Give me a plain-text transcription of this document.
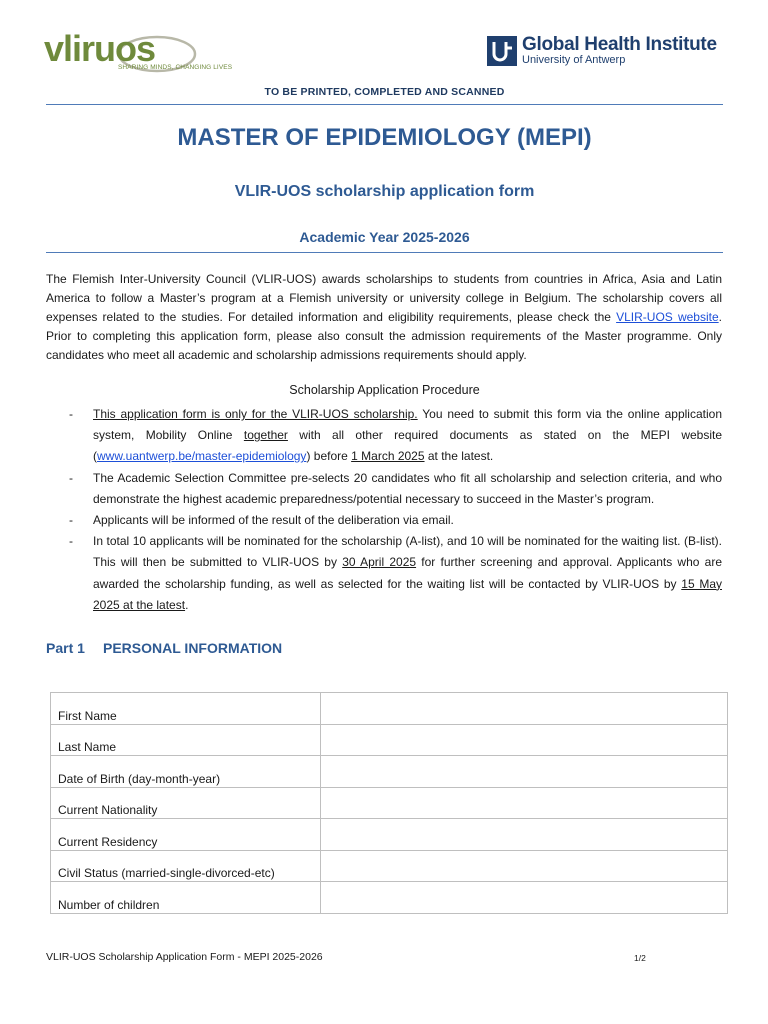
vliruos
SHARING MINDS, CHANGING LIVES
Global Health Institute
University of Antwerp
TO BE PRINTED, COMPLETED AND SCANNED
MASTER OF EPIDEMIOLOGY (MEPI)
VLIR-UOS scholarship application form
Academic Year 2025-2026
The Flemish Inter-University Council (VLIR-UOS) awards scholarships to students from countries in Africa, Asia and Latin America to follow a Master’s program at a Flemish university or university college in Belgium. The scholarship covers all expenses related to the studies. For detailed information and eligibility requirements, please check the VLIR-UOS website. Prior to completing this application form, please also consult the admission requirements of the Master programme. Only candidates who meet all academic and scholarship admissions requirements should apply.
Scholarship Application Procedure
- This application form is only for the VLIR-UOS scholarship. You need to submit this form via the online application system, Mobility Online together with all other required documents as stated on the MEPI website (www.uantwerp.be/master-epidemiology) before 1 March 2025 at the latest.
- The Academic Selection Committee pre-selects 20 candidates who fit all scholarship and selection criteria, and who demonstrate the highest academic preparedness/potential necessary to succeed in the Master’s program.
- Applicants will be informed of the result of the deliberation via email.
- In total 10 applicants will be nominated for the scholarship (A-list), and 10 will be nominated for the waiting list. (B-list). This will then be submitted to VLIR-UOS by 30 April 2025 for further screening and approval. Applicants who are awarded the scholarship funding, as well as selected for the waiting list will be contacted by VLIR-UOS by 15 May 2025 at the latest.
Part 1 PERSONAL INFORMATION
First Name	
Last Name	
Date of Birth (day-month-year)	
Current Nationality	
Current Residency	
Civil Status (married-single-divorced-etc)	
Number of children	
VLIR-UOS Scholarship Application Form - MEPI 2025-2026	1/2
